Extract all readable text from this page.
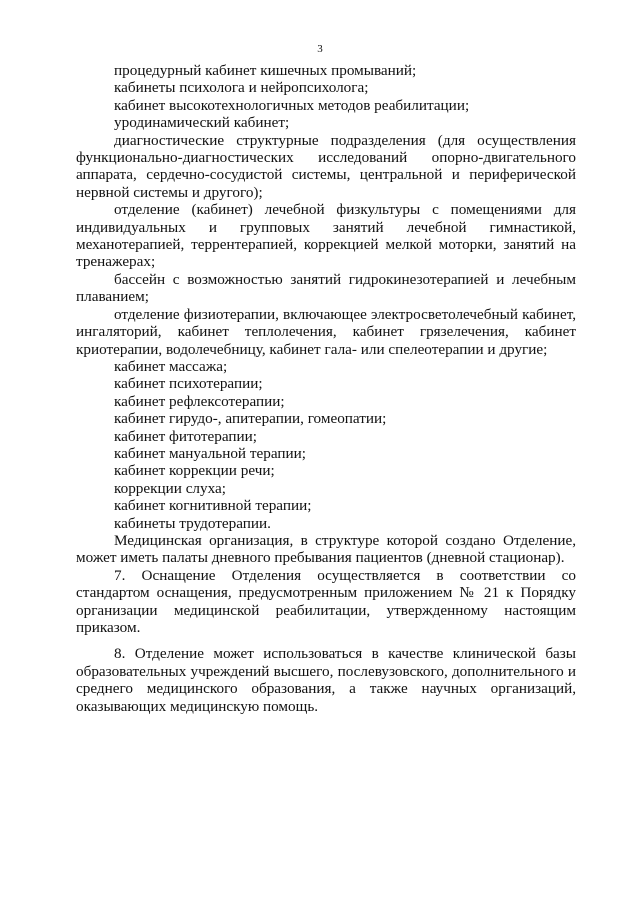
3

процедурный кабинет кишечных промываний;

кабинеты психолога и нейропсихолога;

кабинет высокотехнологичных методов реабилитации;

уродинамический кабинет;

диагностические структурные подразделения (для осуществления функционально-диагностических исследований опорно-двигательного аппарата, сердечно-сосудистой системы, центральной и периферической нервной системы и другого);

отделение (кабинет) лечебной физкультуры с помещениями для индивидуальных и групповых занятий лечебной гимнастикой, механотерапией, террентерапией, коррекцией мелкой моторки, занятий на тренажерах;

бассейн с возможностью занятий гидрокинезотерапией и лечебным плаванием;

отделение физиотерапии, включающее электросветолечебный кабинет, ингаляторий, кабинет теплолечения, кабинет грязелечения, кабинет криотерапии, водолечебницу, кабинет гала- или спелеотерапии и другие;

кабинет массажа;

кабинет психотерапии;

кабинет рефлексотерапии;

кабинет гирудо-, апитерапии, гомеопатии;

кабинет фитотерапии;

кабинет мануальной терапии;

кабинет коррекции речи;

коррекции слуха;

кабинет когнитивной терапии;

кабинеты трудотерапии.

Медицинская организация, в структуре которой создано Отделение, может иметь палаты дневного пребывания пациентов (дневной стационар).

7. Оснащение Отделения осуществляется в соответствии со стандартом оснащения, предусмотренным приложением № 21 к Порядку организации медицинской реабилитации, утвержденному настоящим приказом.

8. Отделение может использоваться в качестве клинической базы образовательных учреждений высшего, послевузовского, дополнительного и среднего медицинского образования, а также научных организаций, оказывающих медицинскую помощь.
